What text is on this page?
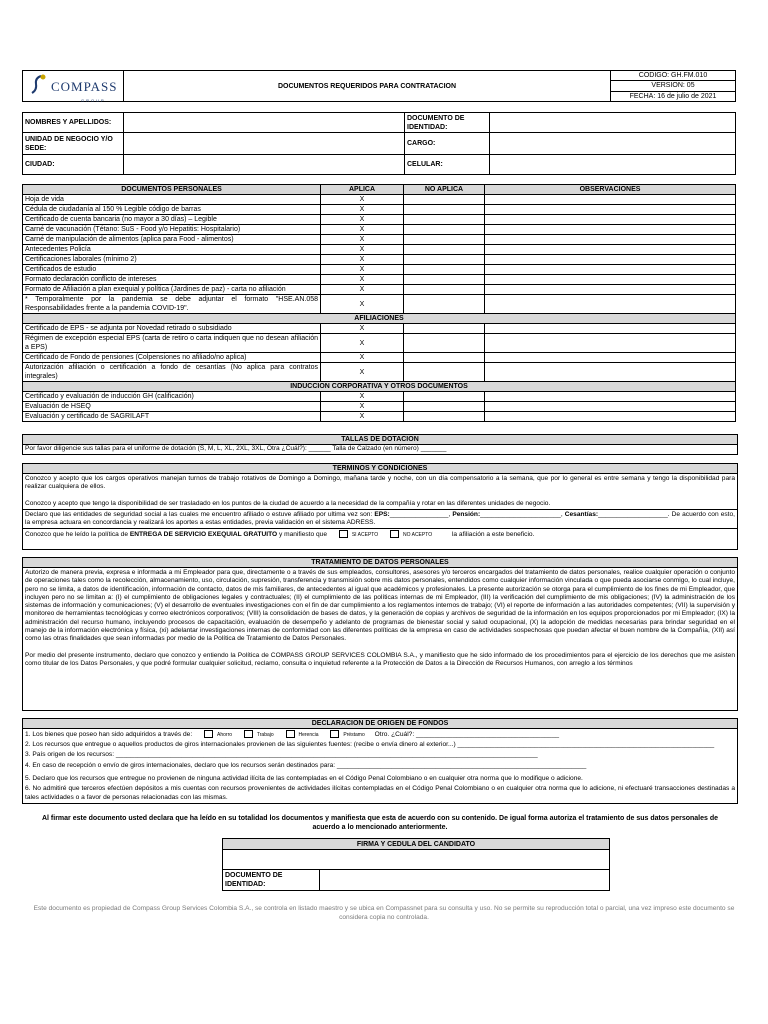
COMPASS
GROUP
	DOCUMENTOS REQUERIDOS PARA CONTRATACION	CODIGO: GH.FM.010
VERSION: 05
FECHA: 16 de julio de 2021
NOMBRES Y APELLIDOS:		DOCUMENTO DE IDENTIDAD:	
UNIDAD DE NEGOCIO Y/O SEDE:		CARGO:	
CIUDAD:		CELULAR:	
DOCUMENTOS PERSONALES	APLICA	NO APLICA	OBSERVACIONES
Hoja de vida	X		
Cédula de ciudadanía al 150 % Legible código de barras	X		
Certificado de cuenta bancaria (no mayor a 30 días) – Legible	X		
Carné de vacunación (Tétano: SuS - Food y/o Hepatitis: Hospitalario)	X		
Carné de manipulación de alimentos (aplica para Food - alimentos)	X		
Antecedentes Policía	X		
Certificaciones laborales (mínimo 2)	X		
Certificados de estudio	X		
Formato declaración conflicto de intereses	X		
Formato de Afiliación a plan exequial y política (Jardines de paz) - carta no afiliación	X		
* Temporalmente por la pandemia se debe adjuntar el formato "HSE.AN.058 Responsabilidades frente a la pandemia COVID-19".	X		
AFILIACIONES			
Certificado de EPS - se adjunta por Novedad retirado o subsidiado	X		
Régimen de excepción especial EPS (carta de retiro o carta indiquen que no desean afiliación a EPS)	X		
Certificado de Fondo de pensiones (Colpensiones no afiliado/no aplica)	X		
Autorización afiliación o certificación a fondo de cesantías (No aplica para contratos integrales)	X		
INDUCCION CORPORATIVA Y OTROS DOCUMENTOS			
Certificado y evaluación de inducción GH (calificación)	X		
Evaluación de HSEQ	X		
Evaluación y certificado de SAGRILAFT	X		
TALLAS DE DOTACION
Por favor diligencie sus tallas para el uniforme de dotación (S, M, L, XL, 2XL, 3XL, Otra ¿Cuál?): ______ Talla de Calzado (en número) _______
TERMINOS Y CONDICIONES
Conozco y acepto que los cargos operativos manejan turnos de trabajo rotativos de Domingo a Domingo, mañana tarde y noche, con un día compensatorio a la semana, que por lo general es entre semana y tengo la disponibilidad para realizar cualquiera de ellos.
Conozco y acepto que tengo la disponibilidad de ser trasladado en los puntos de la ciudad de acuerdo a la necesidad de la compañía y rotar en las diferentes unidades de negocio.
Declaro que las entidades de seguridad social a las cuales me encuentro afiliado o estuve afiliado por ultima vez son: EPS:________________, Pensión:______________________, Cesantías:___________________. De acuerdo con esto, la empresa actuara en concordancia y realizará los aportes a estas entidades, previa validación en el sistema ADRESS.
Conozco que he leído la política de ENTREGA DE SERVICIO EXEQUIAL GRATUITO y manifiesto que	SI ACEPTO	NO ACEPTO	la afiliación a este beneficio.
TRATAMIENTO DE DATOS PERSONALES
Autorizo de manera previa, expresa e informada a mi Empleador para que, directamente o a través de sus empleados, consultores, asesores y/o terceros encargados del tratamiento de datos personales, realice cualquier operación o conjunto de operaciones tales como la recolección, almacenamiento, uso, circulación, supresión, transferencia y transmisión sobre mis datos personales, entendidos como cualquier información vinculada o que pueda asociarse conmigo, lo cual incluye, pero no se limita, a datos de identificación, información de contacto, datos de mis familiares, de antecedentes al igual que académicos y profesionales. La presente autorización se otorga para el cumplimiento de los fines de mi Empleador, que incluyen pero no se limitan a: (I) el cumplimiento de obligaciones legales y contractuales; (II) el cumplimiento de las políticas internas de mi Empleador, (III) la verificación del cumplimiento de mis obligaciones; (IV) la administración de los sistemas de información y comunicaciones; (V) el desarrollo de eventuales investigaciones con el fin de dar cumplimiento a los reglamentos internos de trabajo; (VI) el reporte de información a las autoridades competentes; (VII) la supervisión y monitoreo de herramientas tecnológicas y correo electrónicos corporativos; (VIII) la consolidación de bases de datos, y la generación de copias y archivos de seguridad de la información en los equipos proporcionados por mi Empleador; (IX) la administración del recurso humano, incluyendo procesos de capacitación, evaluación de desempeño y adelanto de programas de bienestar social y salud ocupacional, (X) la adopción de medidas necesarias para brindar seguridad en el manejo de la información electrónica y física, (xi) adelantar investigaciones internas de conformidad con las diferentes políticas de la empresa en caso de actividades sospechosas que puedan afectar el buen nombre de la Compañía, (XII) así como las otras finalidades que sean informadas por medio de la Política de Tratamiento de Datos Personales.
Por medio del presente instrumento, declaro que conozco y entiendo la Política de COMPASS GROUP SERVICES COLOMBIA S.A., y manifiesto que he sido informado de los procedimientos para el ejercicio de los derechos que me asisten como titular de los Datos Personales, y que podré formular cualquier solicitud, reclamo, consulta o inquietud referente a la Protección de Datos a la Dirección de Recursos Humanos, con arreglo a los términos
DECLARACION DE ORIGEN DE FONDOS
1. Los bienes que poseo han sido adquiridos a través de:	Ahorro	Trabajo	Herencia	Préstamo Otro. ¿Cuál?: _______________________________________
2. Los recursos que entregue o aquellos productos de giros internacionales provienen de las siguientes fuentes: (recibe o envía dinero al exterior...) ______________________________________________________________________
3. País origen de los recursos: ___________________________________________________________________________________________________________________
4. En caso de recepción o envío de giros internacionales, declaro que los recursos serán destinados para: ____________________________________________________________________
5. Declaro que los recursos que entregue no provienen de ninguna actividad ilícita de las contempladas en el Código Penal Colombiano o en cualquier otra norma que lo modifique o adicione.
6. No admitiré que terceros efectúen depósitos a mis cuentas con recursos provenientes de actividades ilícitas contempladas en el Código Penal Colombiano o en cualquier otra norma que lo adicione, ni efectuaré transacciones destinadas a tales actividades o a favor de personas relacionadas con las mismas.
Al firmar este documento usted declara que ha leído en su totalidad los documentos y manifiesta que esta de acuerdo con su contenido. De igual forma autoriza el tratamiento de sus datos personales de acuerdo a lo mencionado anteriormente.
FIRMA Y CEDULA DEL CANDIDATO

DOCUMENTO DE IDENTIDAD:	
Este documento es propiedad de Compass Group Services Colombia S.A., se controla en listado maestro y se ubica en Compassnet para su consulta y uso. No se permite su reproducción total o parcial, una vez impreso este documento se considera copia no controlada.
